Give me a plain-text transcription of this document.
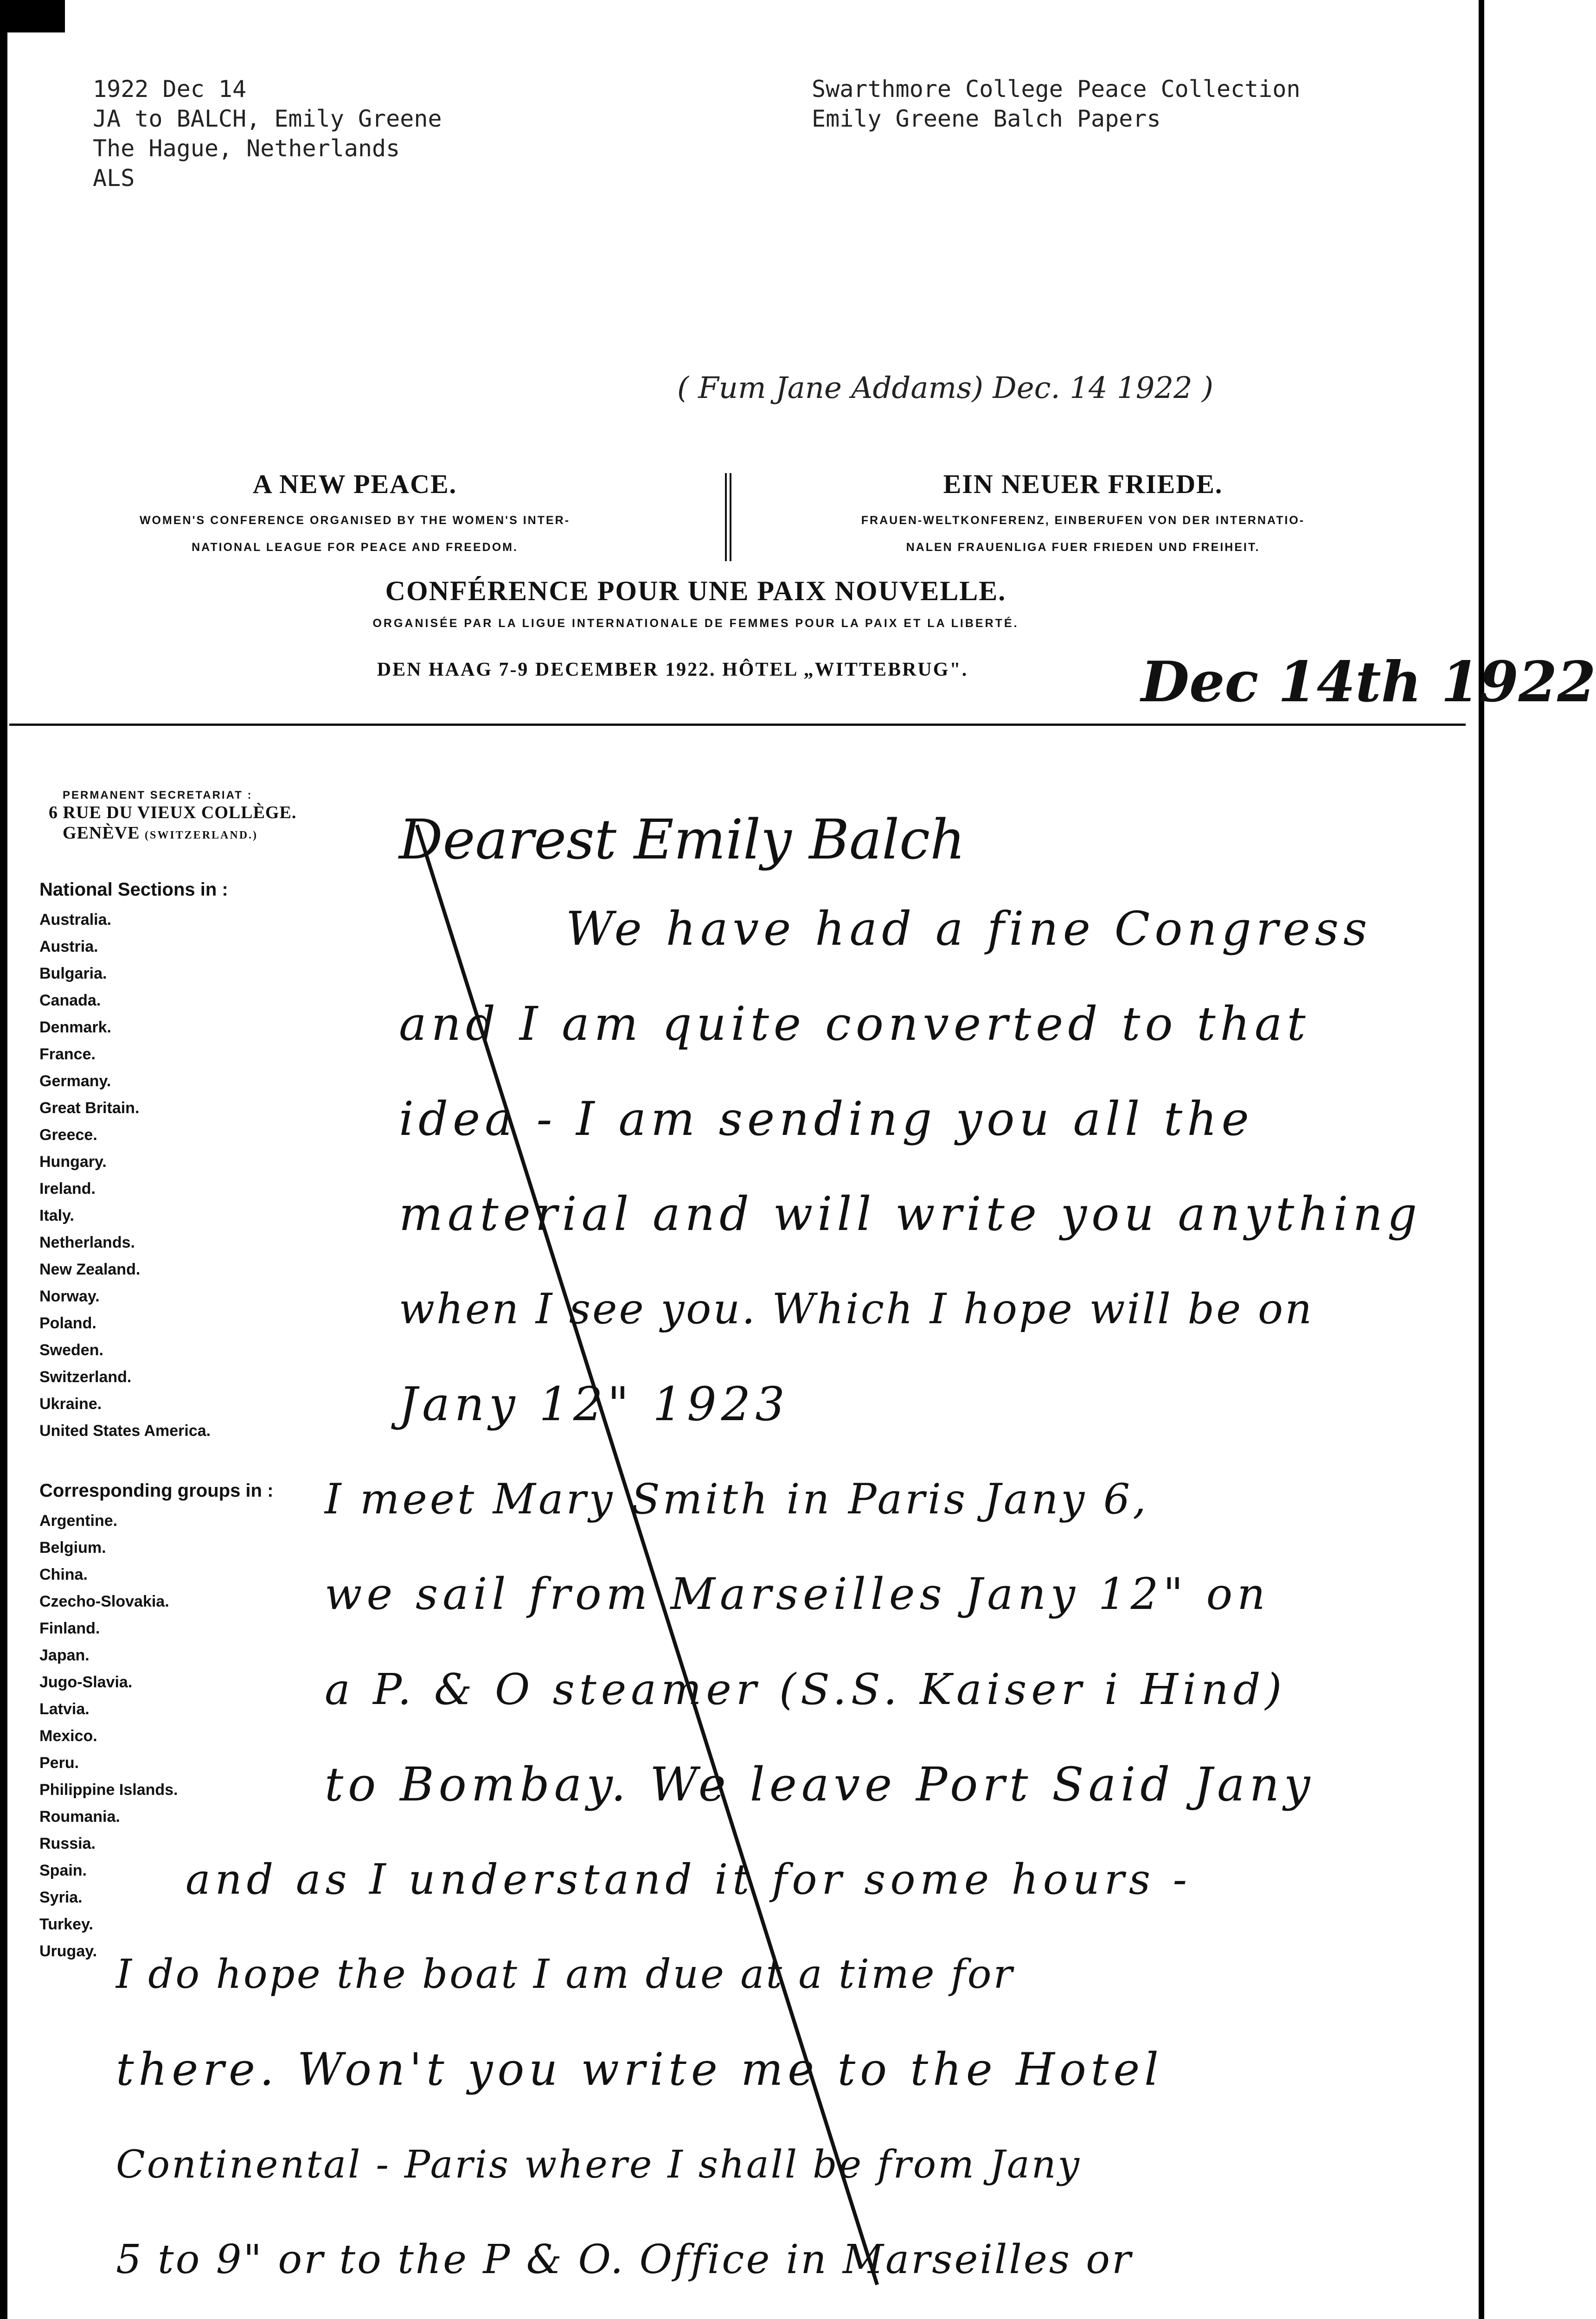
1922 Dec 14
JA to BALCH, Emily Greene
The Hague, Netherlands
ALS
Swarthmore College Peace Collection
Emily Greene Balch Papers
( Fum Jane Addams) Dec. 14 1922 )
A NEW PEACE.
WOMEN'S CONFERENCE ORGANISED BY THE WOMEN'S INTER-
NATIONAL LEAGUE FOR PEACE AND FREEDOM.
EIN NEUER FRIEDE.
FRAUEN-WELTKONFERENZ, EINBERUFEN VON DER INTERNATIO-
NALEN FRAUENLIGA FUER FRIEDEN UND FREIHEIT.
CONFÉRENCE POUR UNE PAIX NOUVELLE.
ORGANISÉE PAR LA LIGUE INTERNATIONALE DE FEMMES POUR LA PAIX ET LA LIBERTÉ.
DEN HAAG 7-9 DECEMBER 1922. HÔTEL „WITTEBRUG".	Dec 14th 1922
PERMANENT SECRETARIAT :
6 RUE DU VIEUX COLLÈGE.
GENÈVE (SWITZERLAND.)
National Sections in :
Australia.
Austria.
Bulgaria.
Canada.
Denmark.
France.
Germany.
Great Britain.
Greece.
Hungary.
Ireland.
Italy.
Netherlands.
New Zealand.
Norway.
Poland.
Sweden.
Switzerland.
Ukraine.
United States America.
Corresponding groups in :
Argentine.
Belgium.
China.
Czecho-Slovakia.
Finland.
Japan.
Jugo-Slavia.
Latvia.
Mexico.
Peru.
Philippine Islands.
Roumania.
Russia.
Spain.
Syria.
Turkey.
Urugay.
Dearest Emily Balch
We have had a fine Congress
and I am quite converted to that
idea - I am sending you all the
material and will write you anything
when I see you. Which I hope will be on
Jany 12" 1923
I meet Mary Smith in Paris Jany 6,
we sail from Marseilles Jany 12" on
a P. & O steamer (S.S. Kaiser i Hind)
to Bombay. We leave Port Said Jany
and as I understand it for some hours -
I do hope the boat I am due at a time for
there. Won't you write me to the Hotel
Continental - Paris where I shall be from Jany
5 to 9" or to the P & O. Office in Marseilles or
